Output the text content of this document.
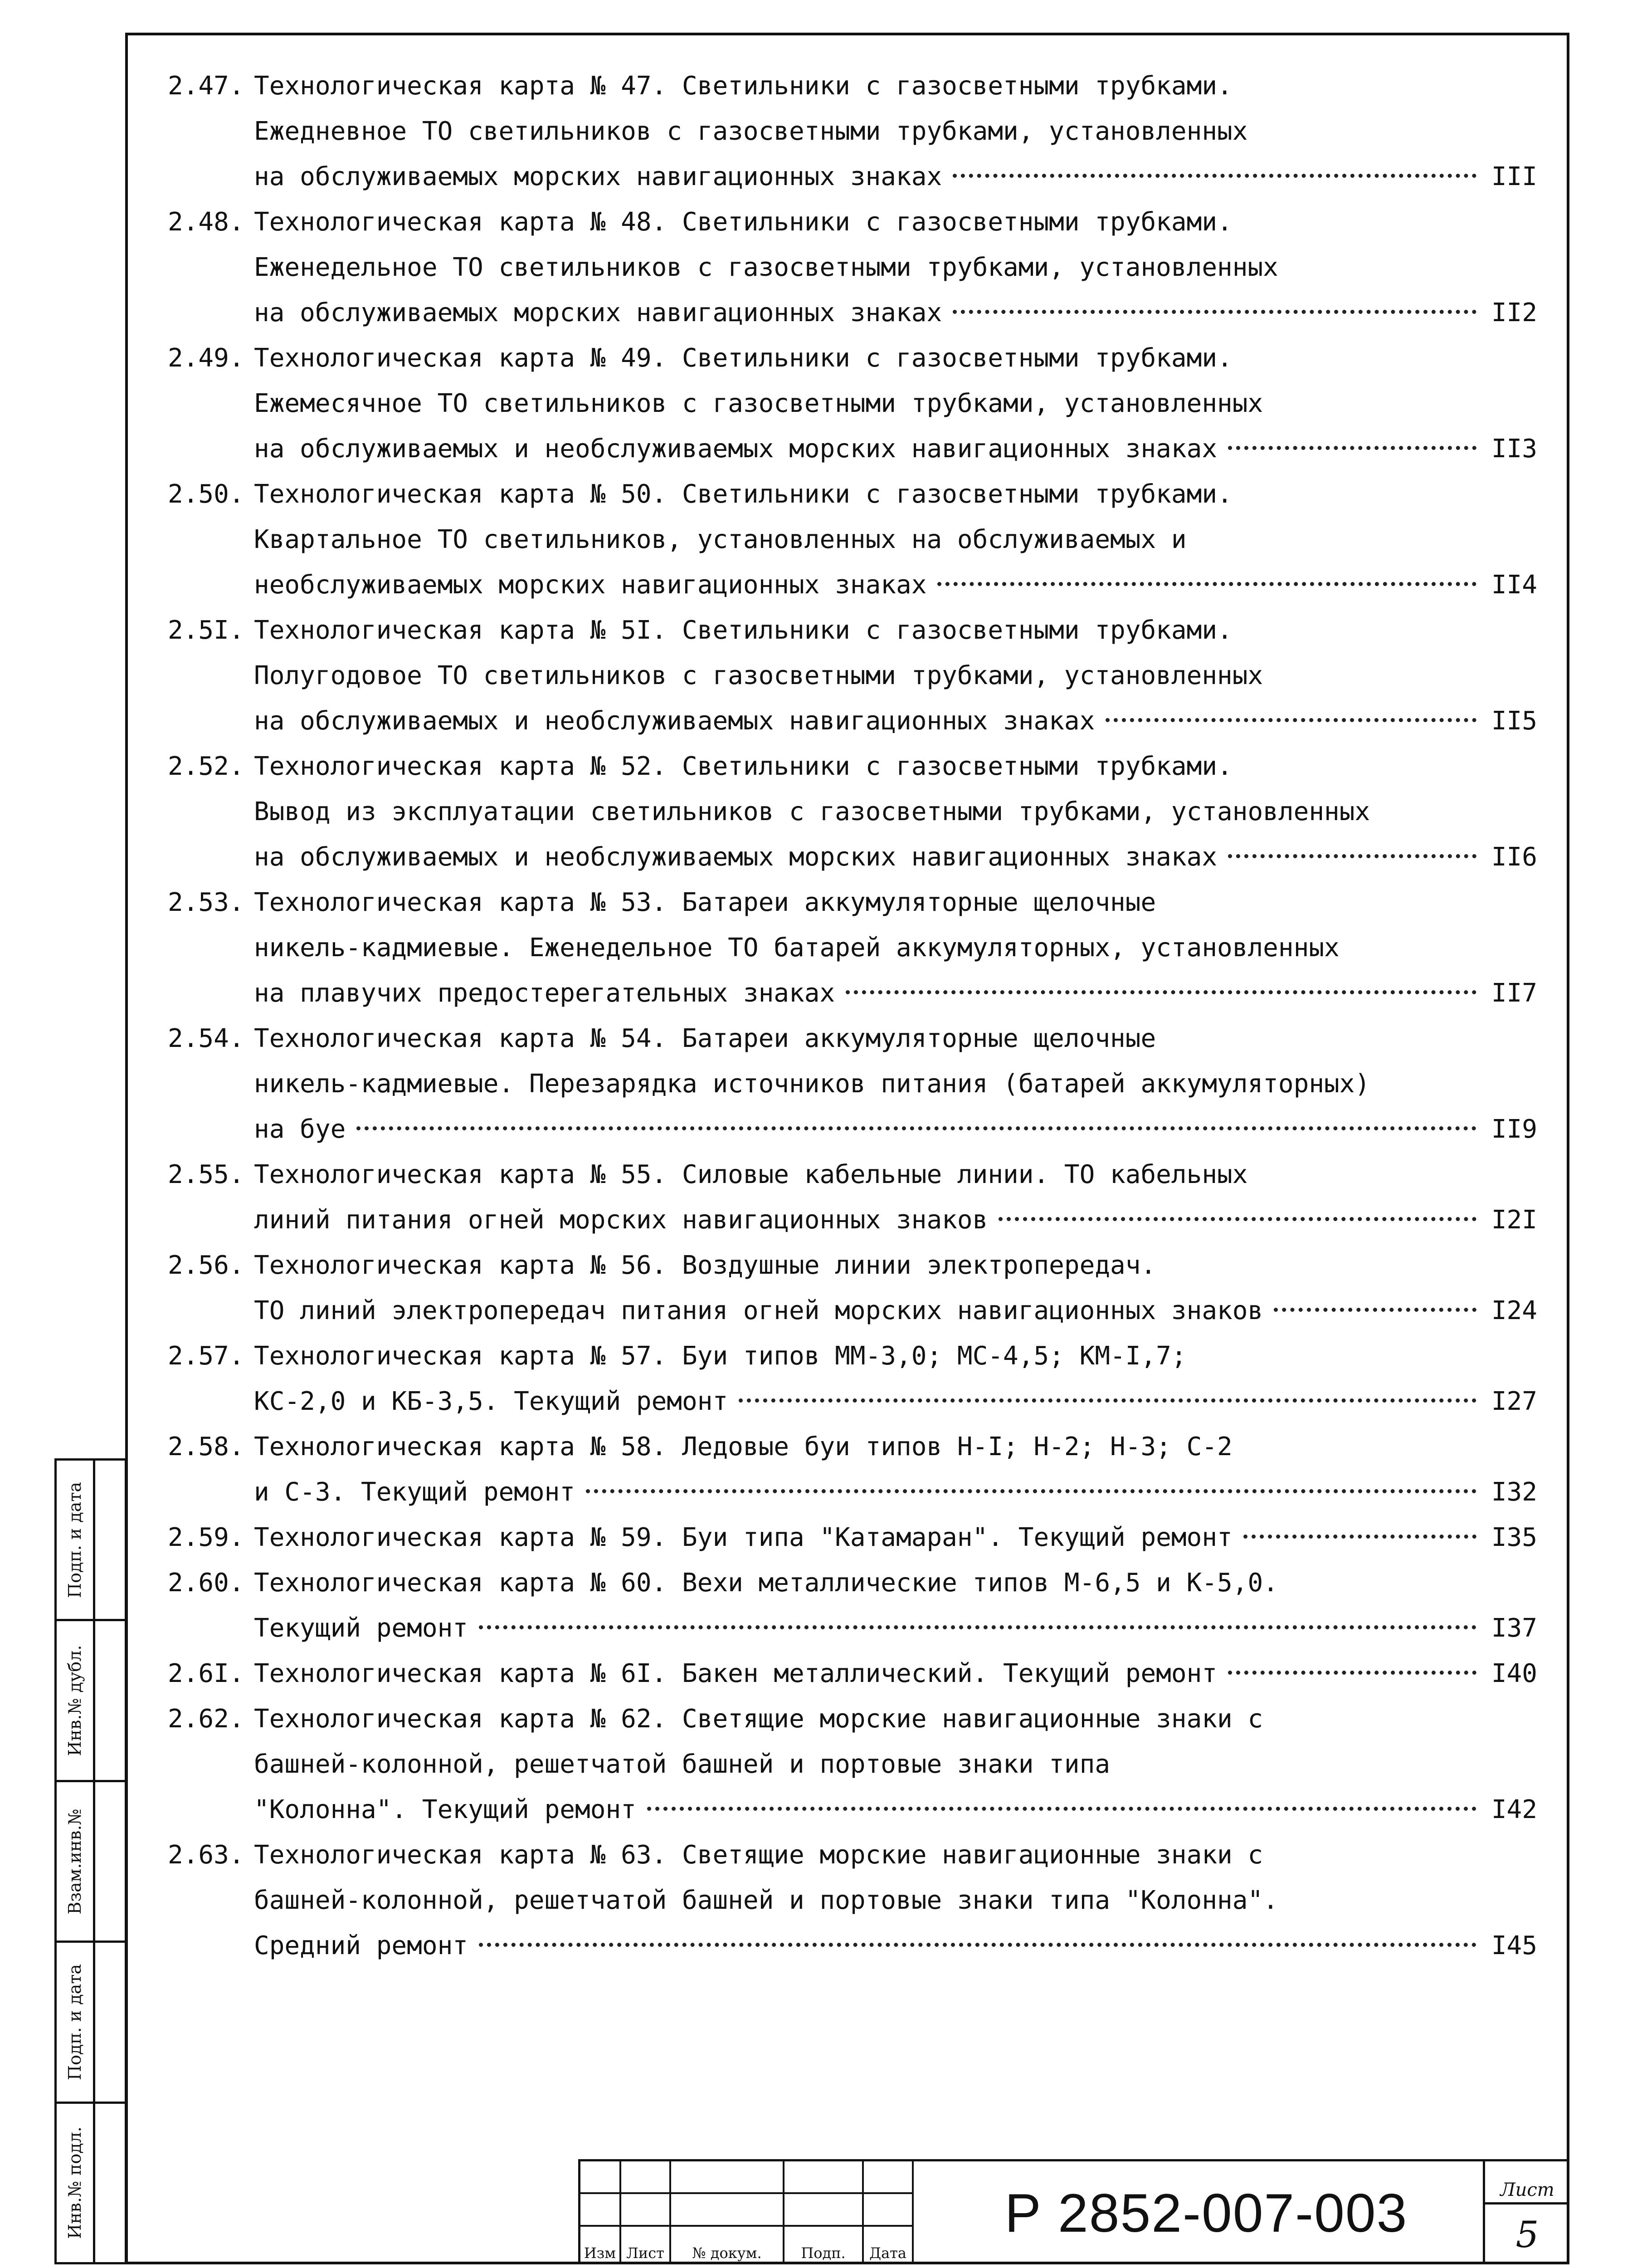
2.47. Технологическая карта № 47. Светильники с газосветными трубками.
Ежедневное ТО светильников с газосветными трубками, установленных
на обслуживаемых морских навигационных знаках	III
2.48. Технологическая карта № 48. Светильники с газосветными трубками.
Еженедельное ТО светильников с газосветными трубками, установленных
на обслуживаемых морских навигационных знаках	II2
2.49. Технологическая карта № 49. Светильники с газосветными трубками.
Ежемесячное ТО светильников с газосветными трубками, установленных
на обслуживаемых и необслуживаемых морских навигационных знаках	II3
2.50. Технологическая карта № 50. Светильники с газосветными трубками.
Квартальное ТО светильников, установленных на обслуживаемых и
необслуживаемых морских навигационных знаках	II4
2.5I. Технологическая карта № 5I. Светильники с газосветными трубками.
Полугодовое ТО светильников с газосветными трубками, установленных
на обслуживаемых и необслуживаемых навигационных знаках	II5
2.52. Технологическая карта № 52. Светильники с газосветными трубками.
Вывод из эксплуатации светильников с газосветными трубками, установленных
на обслуживаемых и необслуживаемых морских навигационных знаках	II6
2.53. Технологическая карта № 53. Батареи аккумуляторные щелочные
никель-кадмиевые. Еженедельное ТО батарей аккумуляторных, установленных
на плавучих предостерегательных знаках	II7
2.54. Технологическая карта № 54. Батареи аккумуляторные щелочные
никель-кадмиевые. Перезарядка источников питания (батарей аккумуляторных)
на буе	II9
2.55. Технологическая карта № 55. Силовые кабельные линии. ТО кабельных
линий питания огней морских навигационных знаков	I2I
2.56. Технологическая карта № 56. Воздушные линии электропередач.
ТО линий электропередач питания огней морских навигационных знаков	I24
2.57. Технологическая карта № 57. Буи типов ММ-3,0; МС-4,5; КМ-I,7;
КС-2,0 и КБ-3,5. Текущий ремонт	I27
2.58. Технологическая карта № 58. Ледовые буи типов Н-I; Н-2; Н-3; С-2
и С-3. Текущий ремонт	I32
2.59. Технологическая карта № 59. Буи типа "Катамаран". Текущий ремонт	I35
2.60. Технологическая карта № 60. Вехи металлические типов М-6,5 и К-5,0.
Текущий ремонт	I37
2.6I. Технологическая карта № 6I. Бакен металлический. Текущий ремонт	I40
2.62. Технологическая карта № 62. Светящие морские навигационные знаки с
башней-колонной, решетчатой башней и портовые знаки типа
"Колонна". Текущий ремонт	I42
2.63. Технологическая карта № 63. Светящие морские навигационные знаки с
башней-колонной, решетчатой башней и портовые знаки типа "Колонна".
Средний ремонт	I45
Подп. и дата
Инв.№ дубл.
Взам.инв.№
Подп. и дата
Инв.№ подл.
Изм Лист	№ докум.	Подп.	Дата
Р 2852-007-003	Лист
5
